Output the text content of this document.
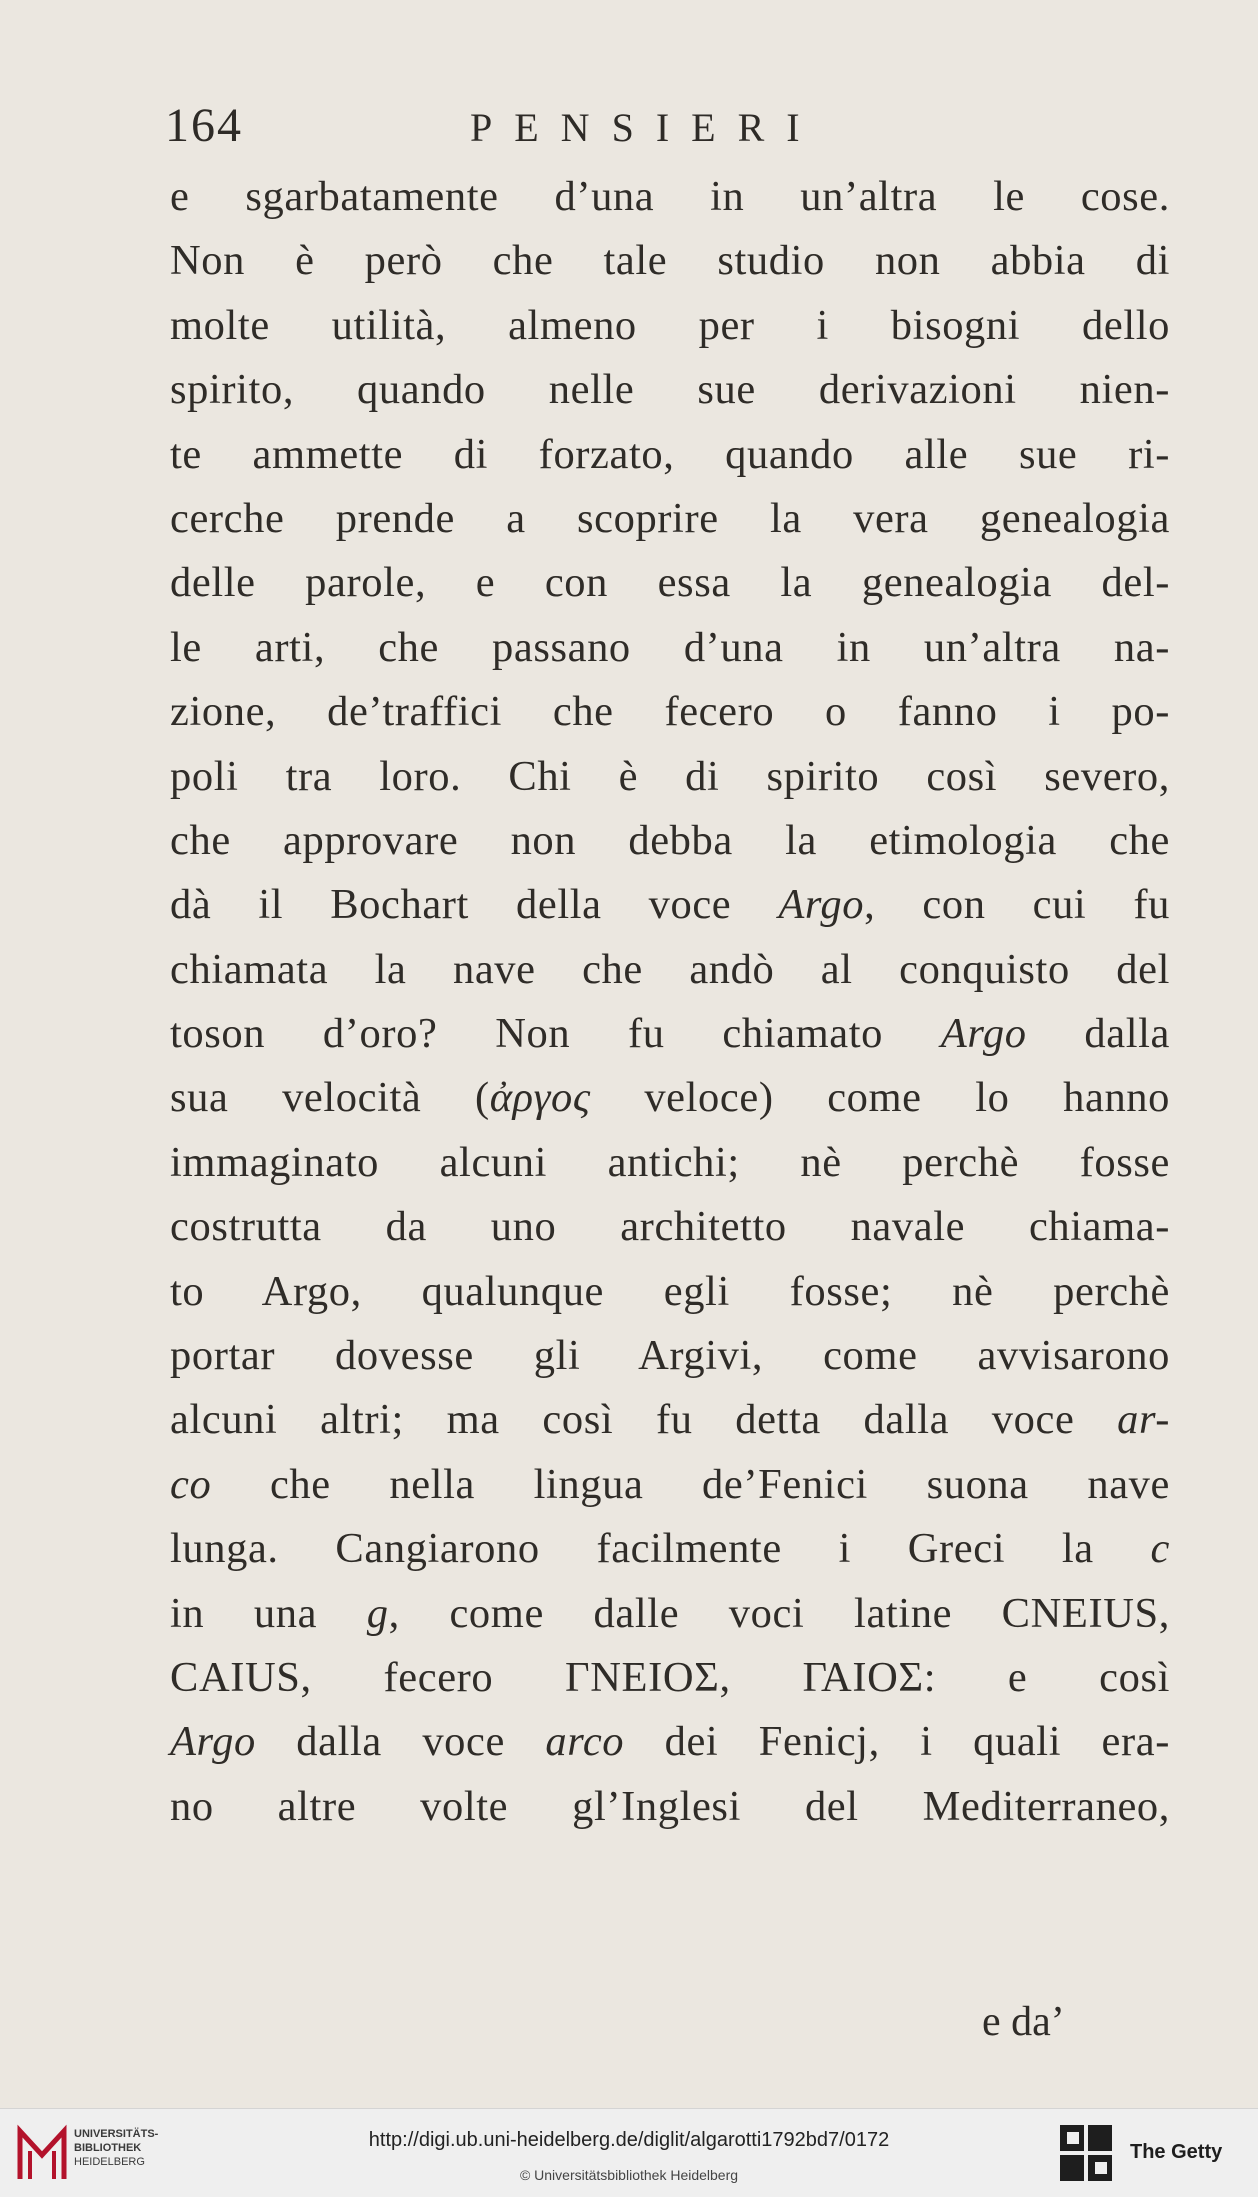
164	PENSIERI
e sgarbatamente d’una in un’altra le cose.
Non è però che tale studio non abbia di
molte utilità, almeno per i bisogni dello
spirito, quando nelle sue derivazioni nien-
te ammette di forzato, quando alle sue ri-
cerche prende a scoprire la vera genealogia
delle parole, e con essa la genealogia del-
le arti, che passano d’una in un’altra na-
zione, de’traffici che fecero o fanno i po-
poli tra loro. Chi è di spirito così severo,
che approvare non debba la etimologia che
dà il Bochart della voce Argo, con cui fu
chiamata la nave che andò al conquisto del
toson d’oro? Non fu chiamato Argo dalla
sua velocità (ἀργος veloce) come lo hanno
immaginato alcuni antichi; nè perchè fosse
costrutta da uno architetto navale chiama-
to Argo, qualunque egli fosse; nè perchè
portar dovesse gli Argivi, come avvisarono
alcuni altri; ma così fu detta dalla voce ar-
co che nella lingua de’Fenici suona nave
lunga. Cangiarono facilmente i Greci la c
in una g, come dalle voci latine CNEIUS,
CAIUS, fecero ΓΝΕΙΟΣ, ΓΑΙΟΣ: e così
Argo dalla voce arco dei Fenicj, i quali era-
no altre volte gl’Inglesi del Mediterraneo,
e da’
UNIVERSITÄTS-
BIBLIOTHEK
HEIDELBERG
http://digi.ub.uni-heidelberg.de/diglit/algarotti1792bd7/0172
© Universitätsbibliothek Heidelberg
The Getty
